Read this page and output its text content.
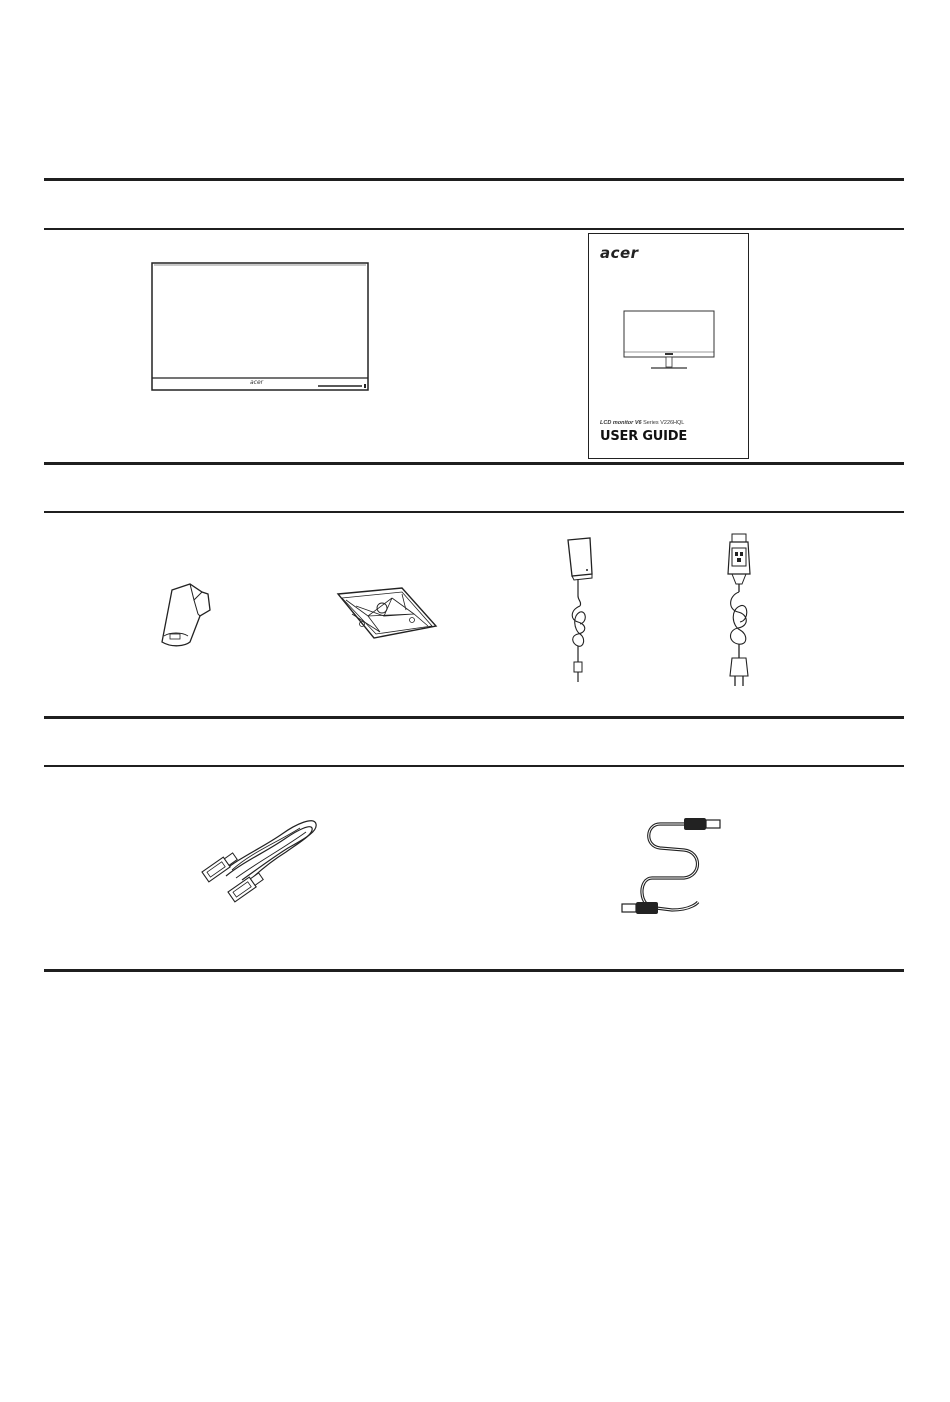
acer
acer
LCD monitor V6 Series V226HQL
USER GUIDE
